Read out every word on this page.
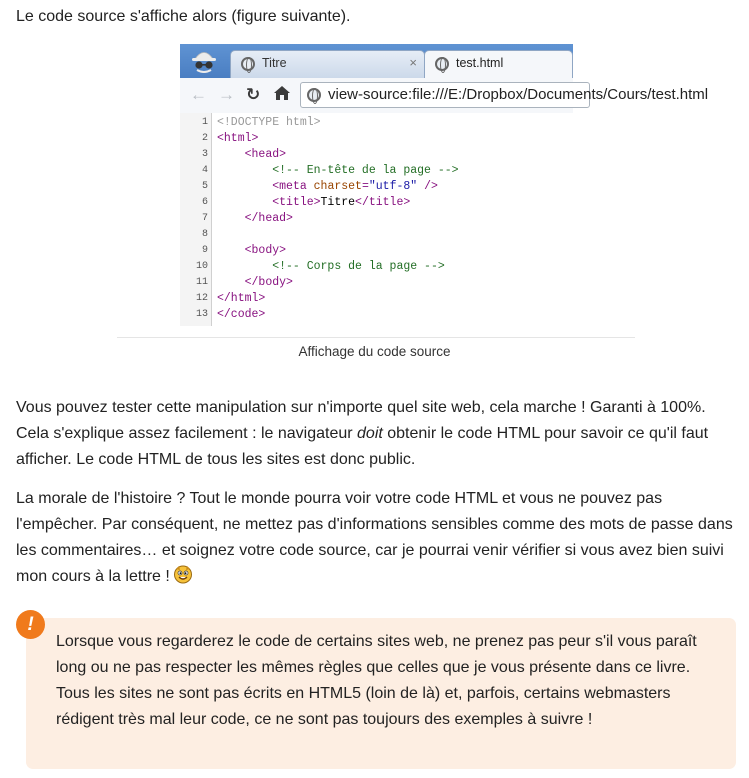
Le code source s'affiche alors (figure suivante).

Titre	×	test.html
← → ↻	view-source:file:///E:/Dropbox/Documents/Cours/test.html
1 <!DOCTYPE html>
2 <html>
3	<head>
4	<!-- En-tête de la page -->
5	<meta charset="utf-8" />
6	<title>Titre</title>
7	</head>
8
9	<body>
10	<!-- Corps de la page -->
11	</body>
12 </html>
13 </code>
Affichage du code source

Vous pouvez tester cette manipulation sur n'importe quel site web, cela marche ! Garanti à 100%. Cela s'explique assez facilement : le navigateur doit obtenir le code HTML pour savoir ce qu'il faut afficher. Le code HTML de tous les sites est donc public.

La morale de l'histoire ? Tout le monde pourra voir votre code HTML et vous ne pouvez pas l'empêcher. Par conséquent, ne mettez pas d'informations sensibles comme des mots de passe dans les commentaires… et soignez votre code source, car je pourrai venir vérifier si vous avez bien suivi mon cours à la lettre !

Lorsque vous regarderez le code de certains sites web, ne prenez pas peur s'il vous paraît long ou ne pas respecter les mêmes règles que celles que je vous présente dans ce livre. Tous les sites ne sont pas écrits en HTML5 (loin de là) et, parfois, certains webmasters rédigent très mal leur code, ce ne sont pas toujours des exemples à suivre !

!
